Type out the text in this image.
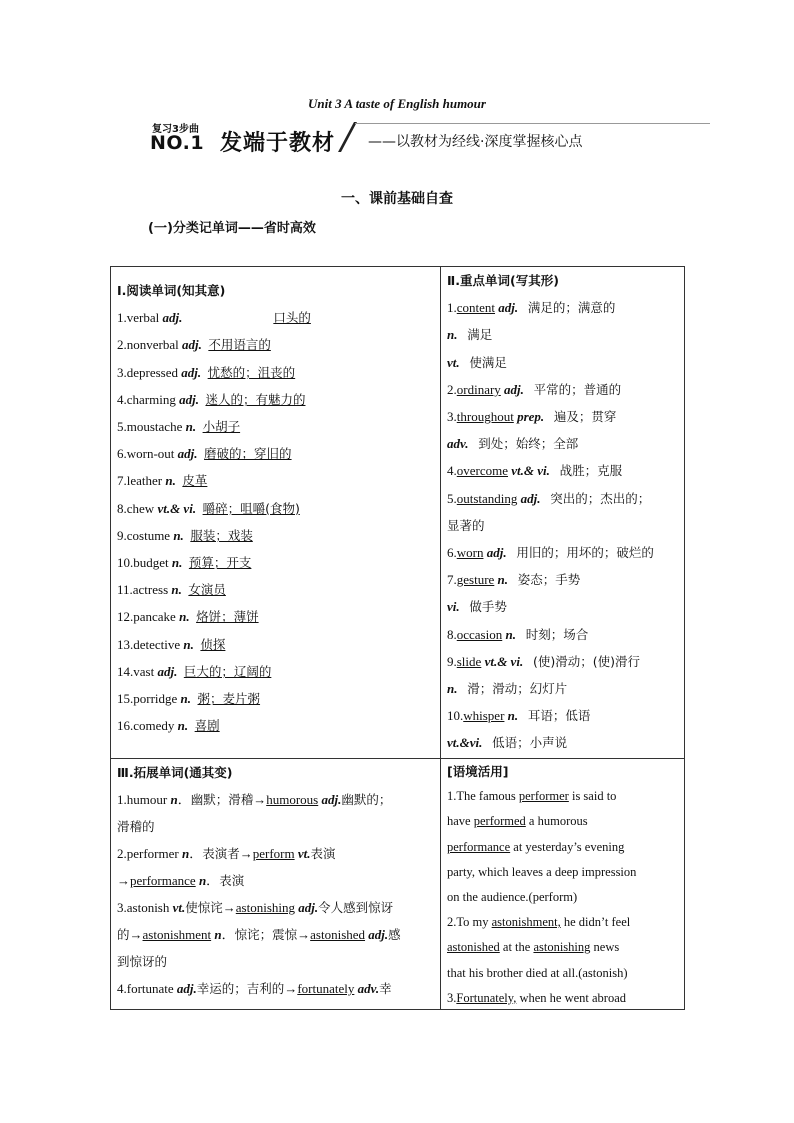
Unit 3 A taste of English humour
复习3步曲
NO.1 发端于教材 ——以教材为经线·深度掌握核心点
一、课前基础自查
(一)分类记单词——省时高效
Ⅰ.阅读单词(知其意)
1.verbal adj.	口头的
2.nonverbal adj. 不用语言的
3.depressed adj. 忧愁的；沮丧的
4.charming adj. 迷人的；有魅力的
5.moustache n. 小胡子
6.worn-out adj. 磨破的；穿旧的
7.leather n. 皮革
8.chew vt.& vi. 嚼碎；咀嚼(食物)
9.costume n. 服装；戏装
10.budget n. 预算；开支
11.actress n. 女演员
12.pancake n. 烙饼；薄饼
13.detective n. 侦探
14.vast adj. 巨大的；辽阔的
15.porridge n. 粥；麦片粥
16.comedy n. 喜剧
Ⅱ.重点单词(写其形)
1.content adj. 满足的；满意的
n. 满足
vt. 使满足
2.ordinary adj. 平常的；普通的
3.throughout prep. 遍及；贯穿
adv. 到处；始终；全部
4.overcome vt.& vi. 战胜；克服
5.outstanding adj. 突出的；杰出的；
显著的
6.worn adj. 用旧的；用坏的；破烂的
7.gesture n. 姿态；手势
vi. 做手势
8.occasion n. 时刻；场合
9.slide vt.& vi. (使)滑动；(使)滑行
n. 滑；滑动；幻灯片
10.whisper n. 耳语；低语
vt.&vi. 低语；小声说
Ⅲ.拓展单词(通其变)
1.humour n．幽默；滑稽→humorous adj.幽默的；
滑稽的
2.performer n．表演者→perform vt.表演
→performance n．表演
3.astonish vt.使惊诧→astonishing adj.令人感到惊讶
的→astonishment n．惊诧；震惊→astonished adj.感
到惊讶的
4.fortunate adj.幸运的；吉利的→fortunately adv.幸
[语境活用]
1.The famous performer is said to
have performed a humorous
performance at yesterday’s evening
party, which leaves a deep impression
on the audience.(perform)
2.To my astonishment, he didn’t feel
astonished at the astonishing news
that his brother died at all.(astonish)
3.Fortunately, when he went abroad
